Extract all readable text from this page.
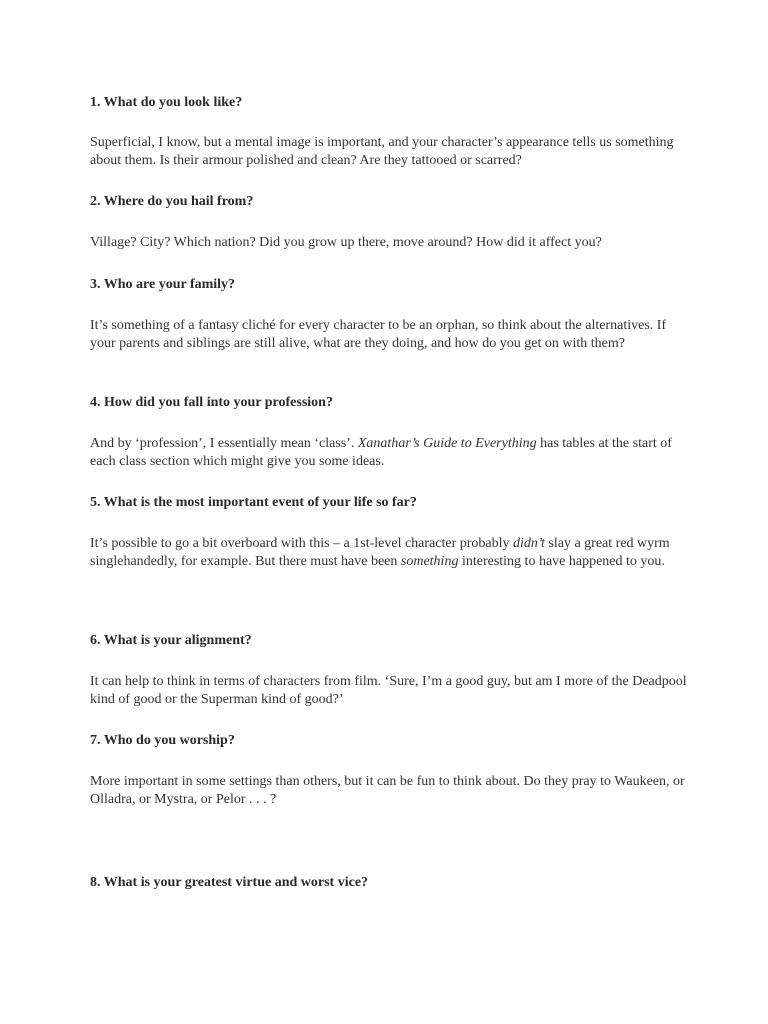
1. What do you look like?

Superficial, I know, but a mental image is important, and your character’s appearance tells us something about them. Is their armour polished and clean? Are they tattooed or scarred?

2. Where do you hail from?

Village? City? Which nation? Did you grow up there, move around? How did it affect you?

3. Who are your family?

It’s something of a fantasy cliché for every character to be an orphan, so think about the alternatives. If your parents and siblings are still alive, what are they doing, and how do you get on with them?

4. How did you fall into your profession?

And by ‘profession’, I essentially mean ‘class’. Xanathar’s Guide to Everything has tables at the start of each class section which might give you some ideas.

5. What is the most important event of your life so far?

It’s possible to go a bit overboard with this – a 1st-level character probably didn’t slay a great red wyrm singlehandedly, for example. But there must have been something interesting to have happened to you.

6. What is your alignment?

It can help to think in terms of characters from film. ‘Sure, I’m a good guy, but am I more of the Deadpool kind of good or the Superman kind of good?’

7. Who do you worship?

More important in some settings than others, but it can be fun to think about. Do they pray to Waukeen, or Olladra, or Mystra, or Pelor . . . ?

8. What is your greatest virtue and worst vice?
